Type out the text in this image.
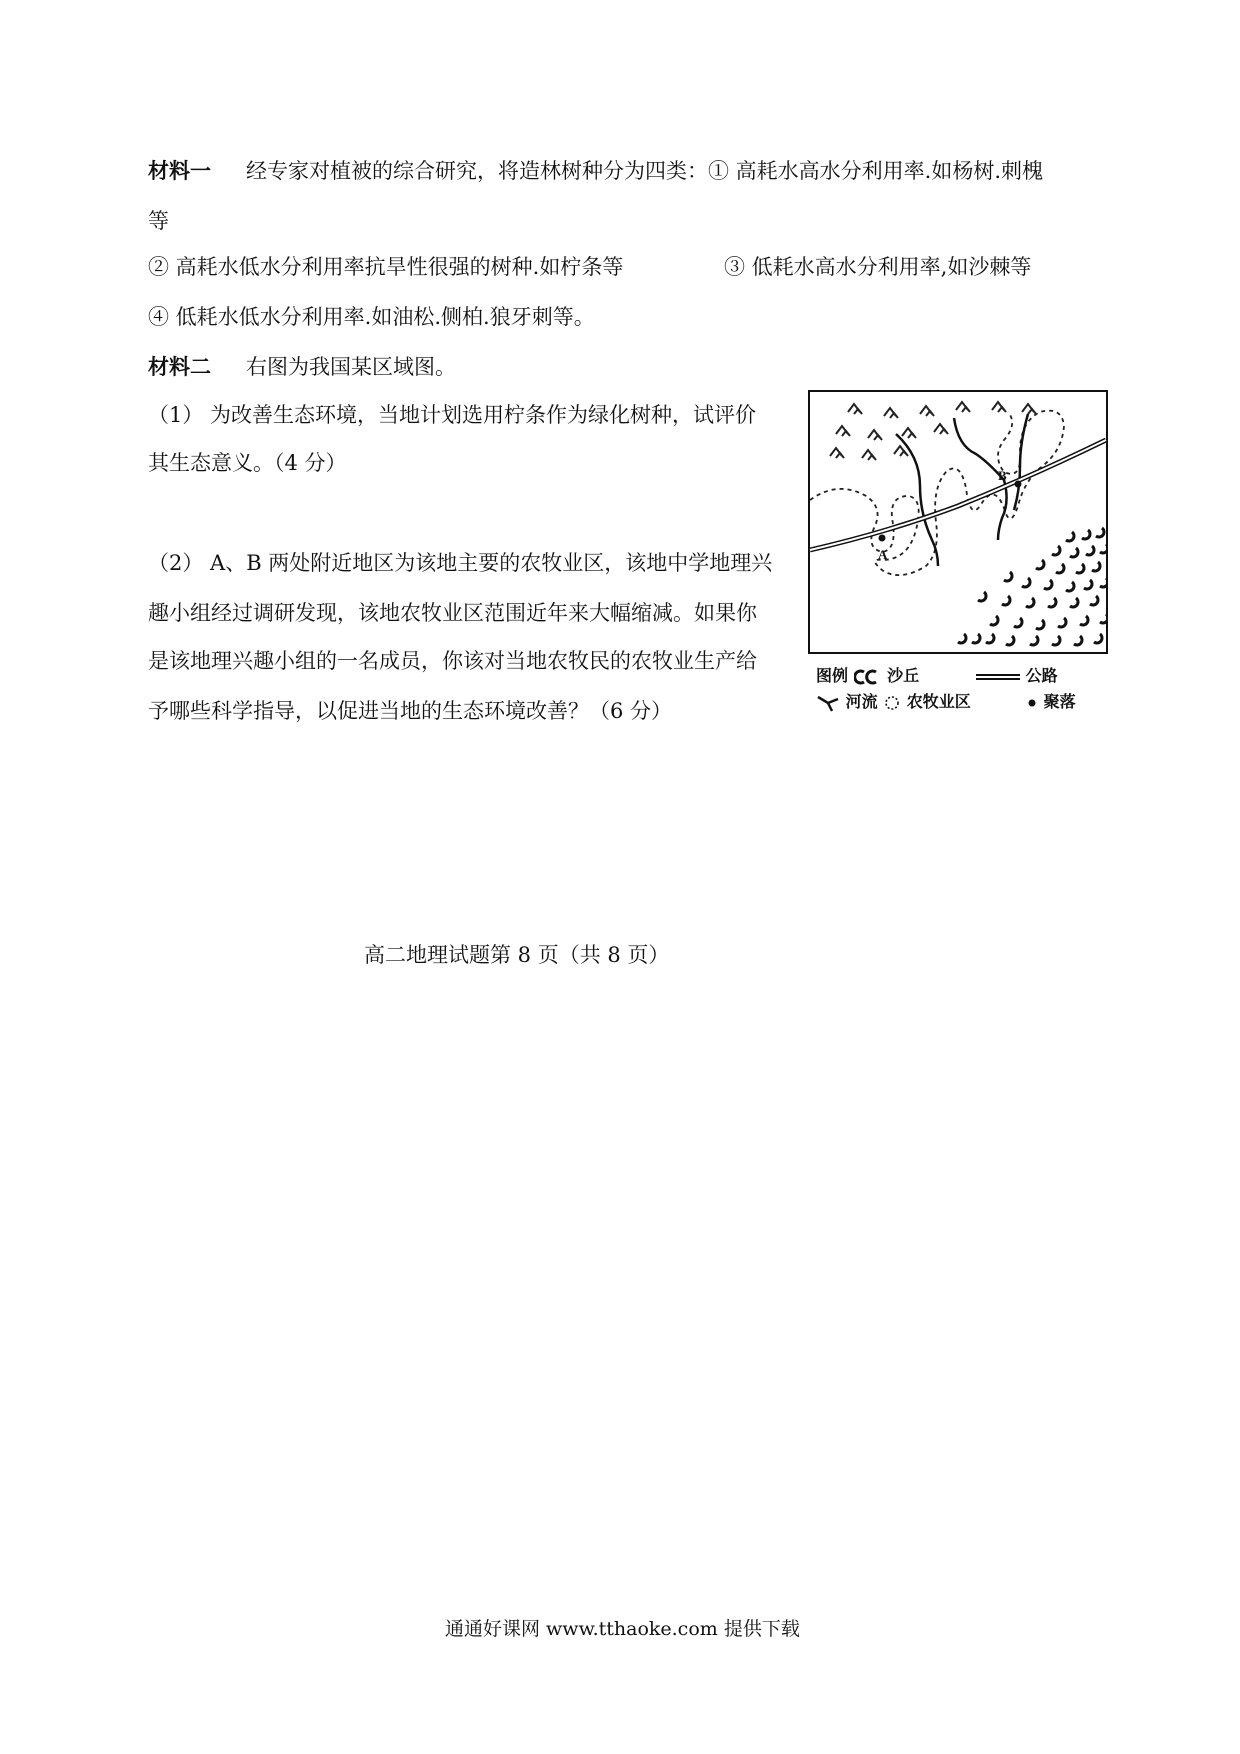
材料一 经专家对植被的综合研究，将造林树种分为四类：① 高耗水高水分利用率.如杨树.刺槐
等
② 高耗水低水分利用率抗旱性很强的树种.如柠条等	③ 低耗水高水分利用率,如沙棘等
④ 低耗水低水分利用率.如油松.侧柏.狼牙刺等。
材料二 右图为我国某区域图。
（1） 为改善生态环境，当地计划选用柠条作为绿化树种，试评价
其生态意义。（4 分）
（2） A、B 两处附近地区为该地主要的农牧业区，该地中学地理兴
趣小组经过调研发现，该地农牧业区范围近年来大幅缩减。如果你
是该地理兴趣小组的一名成员，你该对当地农牧民的农牧业生产给
予哪些科学指导，以促进当地的生态环境改善？（6 分）
A
B
图例 沙丘	公路
河流 农牧业区	聚落
高二地理试题第 8 页（共 8 页）
通通好课网 www.tthaoke.com 提供下载
